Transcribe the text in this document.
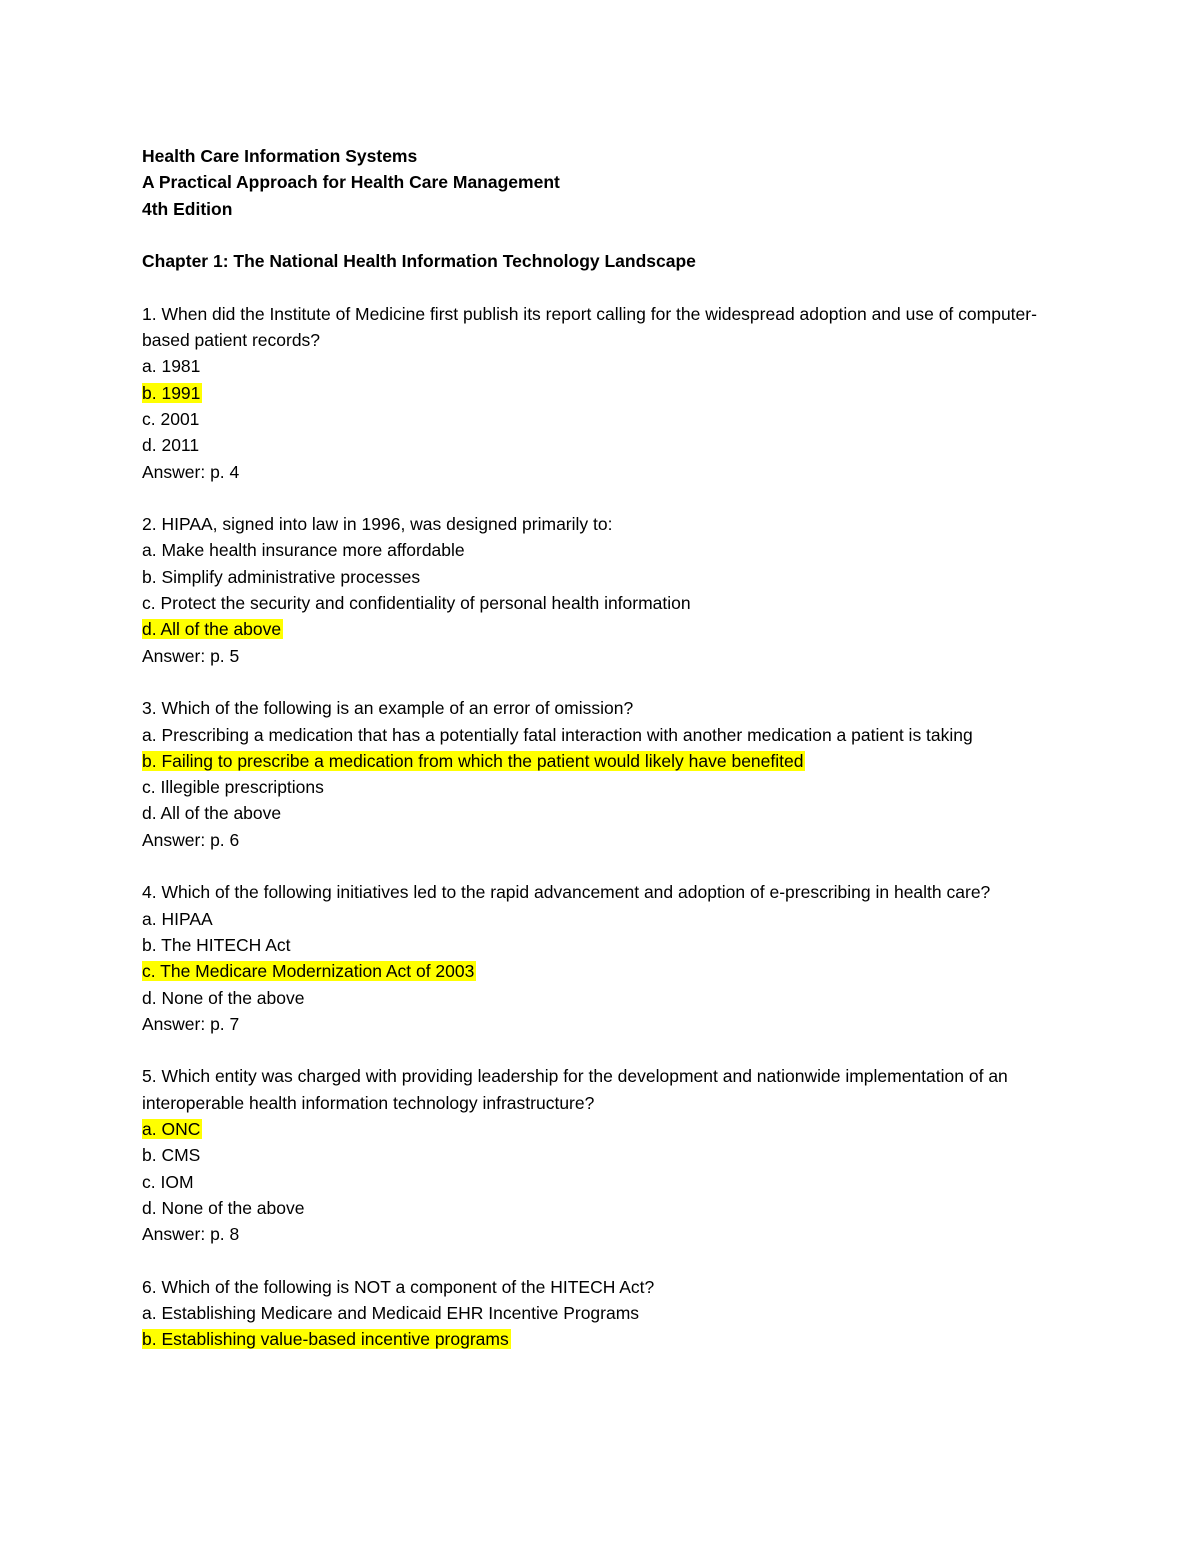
Health Care Information Systems
A Practical Approach for Health Care Management
4th Edition
Chapter 1: The National Health Information Technology Landscape
1. When did the Institute of Medicine first publish its report calling for the widespread adoption and use of computer-based patient records?
a. 1981
b. 1991
c. 2001
d. 2011
Answer: p. 4
2. HIPAA, signed into law in 1996, was designed primarily to:
a. Make health insurance more affordable
b. Simplify administrative processes
c. Protect the security and confidentiality of personal health information
d. All of the above
Answer: p. 5
3. Which of the following is an example of an error of omission?
a. Prescribing a medication that has a potentially fatal interaction with another medication a patient is taking
b. Failing to prescribe a medication from which the patient would likely have benefited
c. Illegible prescriptions
d. All of the above
Answer: p. 6
4. Which of the following initiatives led to the rapid advancement and adoption of e-prescribing in health care?
a. HIPAA
b. The HITECH Act
c. The Medicare Modernization Act of 2003
d. None of the above
Answer: p. 7
5. Which entity was charged with providing leadership for the development and nationwide implementation of an interoperable health information technology infrastructure?
a. ONC
b. CMS
c. IOM
d. None of the above
Answer: p. 8
6. Which of the following is NOT a component of the HITECH Act?
a. Establishing Medicare and Medicaid EHR Incentive Programs
b. Establishing value-based incentive programs
